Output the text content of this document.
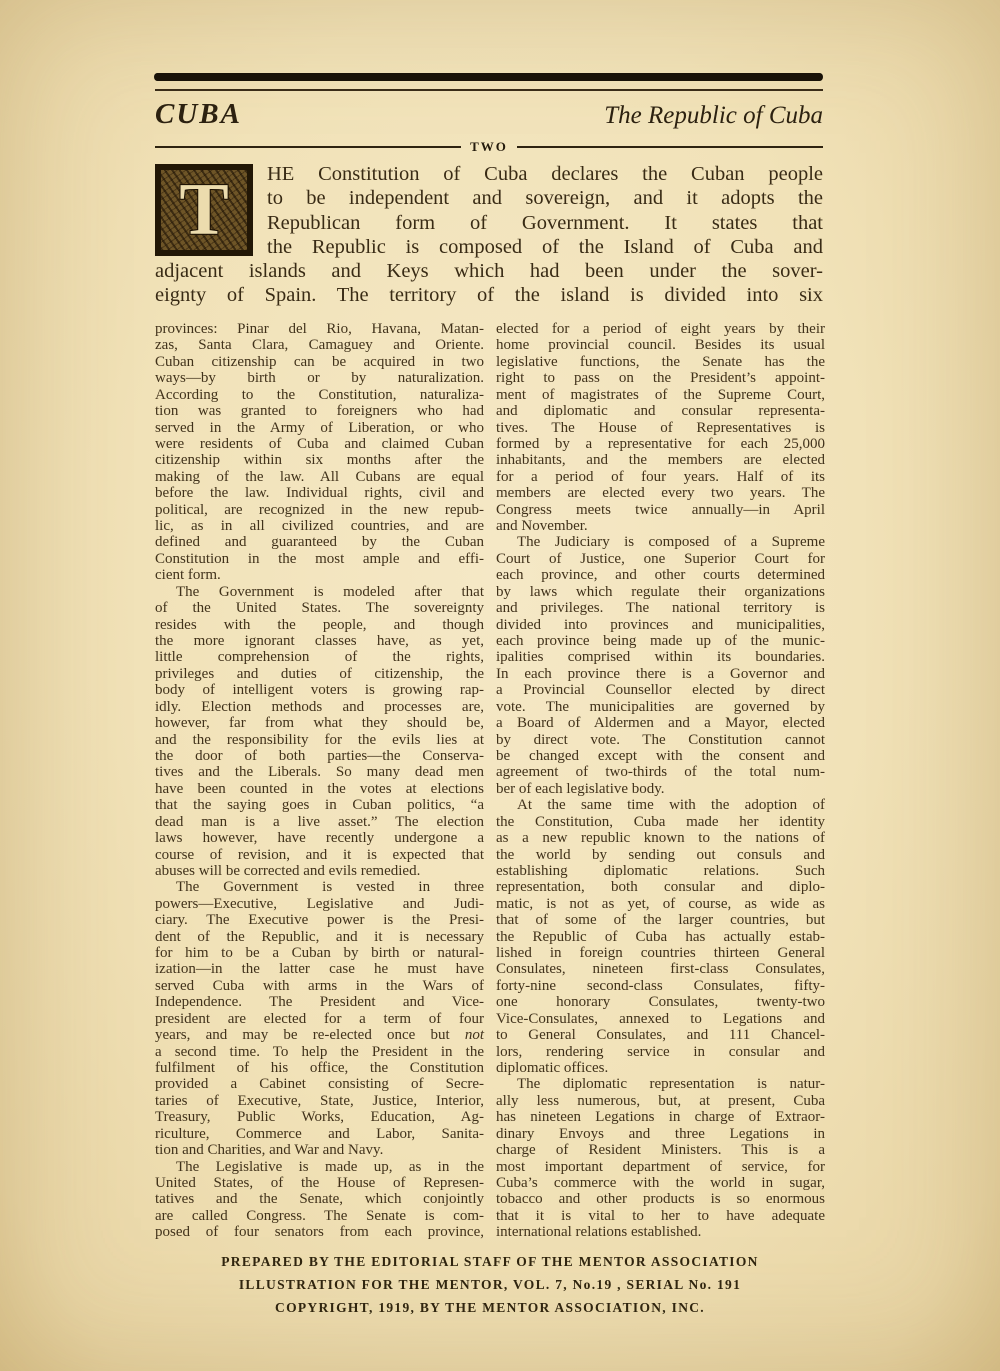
CUBA	The Republic of Cuba
TWO
T	HE Constitution of Cuba declares the Cuban people
to be independent and sovereign, and it adopts the
Republican form of Government. It states that
the Republic is composed of the Island of Cuba and
adjacent islands and Keys which had been under the sover-
eignty of Spain. The territory of the island is divided into six
provinces: Pinar del Rio, Havana, Matan-
zas, Santa Clara, Camaguey and Oriente.
Cuban citizenship can be acquired in two
ways—by birth or by naturalization.
According to the Constitution, naturaliza-
tion was granted to foreigners who had
served in the Army of Liberation, or who
were residents of Cuba and claimed Cuban
citizenship within six months after the
making of the law. All Cubans are equal
before the law. Individual rights, civil and
political, are recognized in the new repub-
lic, as in all civilized countries, and are
defined and guaranteed by the Cuban
Constitution in the most ample and effi-
cient form.
The Government is modeled after that
of the United States. The sovereignty
resides with the people, and though
the more ignorant classes have, as yet,
little comprehension of the rights,
privileges and duties of citizenship, the
body of intelligent voters is growing rap-
idly. Election methods and processes are,
however, far from what they should be,
and the responsibility for the evils lies at
the door of both parties—the Conserva-
tives and the Liberals. So many dead men
have been counted in the votes at elections
that the saying goes in Cuban politics, “a
dead man is a live asset.” The election
laws however, have recently undergone a
course of revision, and it is expected that
abuses will be corrected and evils remedied.
The Government is vested in three
powers—Executive, Legislative and Judi-
ciary. The Executive power is the Presi-
dent of the Republic, and it is necessary
for him to be a Cuban by birth or natural-
ization—in the latter case he must have
served Cuba with arms in the Wars of
Independence. The President and Vice-
president are elected for a term of four
years, and may be re-elected once but not
a second time. To help the President in the
fulfilment of his office, the Constitution
provided a Cabinet consisting of Secre-
taries of Executive, State, Justice, Interior,
Treasury, Public Works, Education, Ag-
riculture, Commerce and Labor, Sanita-
tion and Charities, and War and Navy.
The Legislative is made up, as in the
United States, of the House of Represen-
tatives and the Senate, which conjointly
are called Congress. The Senate is com-
posed of four senators from each province,
elected for a period of eight years by their
home provincial council. Besides its usual
legislative functions, the Senate has the
right to pass on the President’s appoint-
ment of magistrates of the Supreme Court,
and diplomatic and consular representa-
tives. The House of Representatives is
formed by a representative for each 25,000
inhabitants, and the members are elected
for a period of four years. Half of its
members are elected every two years. The
Congress meets twice annually—in April
and November.
The Judiciary is composed of a Supreme
Court of Justice, one Superior Court for
each province, and other courts determined
by laws which regulate their organizations
and privileges. The national territory is
divided into provinces and municipalities,
each province being made up of the munic-
ipalities comprised within its boundaries.
In each province there is a Governor and
a Provincial Counsellor elected by direct
vote. The municipalities are governed by
a Board of Aldermen and a Mayor, elected
by direct vote. The Constitution cannot
be changed except with the consent and
agreement of two-thirds of the total num-
ber of each legislative body.
At the same time with the adoption of
the Constitution, Cuba made her identity
as a new republic known to the nations of
the world by sending out consuls and
establishing diplomatic relations. Such
representation, both consular and diplo-
matic, is not as yet, of course, as wide as
that of some of the larger countries, but
the Republic of Cuba has actually estab-
lished in foreign countries thirteen General
Consulates, nineteen first-class Consulates,
forty-nine second-class Consulates, fifty-
one honorary Consulates, twenty-two
Vice-Consulates, annexed to Legations and
to General Consulates, and 111 Chancel-
lors, rendering service in consular and
diplomatic offices.
The diplomatic representation is natur-
ally less numerous, but, at present, Cuba
has nineteen Legations in charge of Extraor-
dinary Envoys and three Legations in
charge of Resident Ministers. This is a
most important department of service, for
Cuba’s commerce with the world in sugar,
tobacco and other products is so enormous
that it is vital to her to have adequate
international relations established.
PREPARED BY THE EDITORIAL STAFF OF THE MENTOR ASSOCIATION
ILLUSTRATION FOR THE MENTOR, VOL. 7, No.19 , SERIAL No. 191
COPYRIGHT, 1919, BY THE MENTOR ASSOCIATION, INC.
